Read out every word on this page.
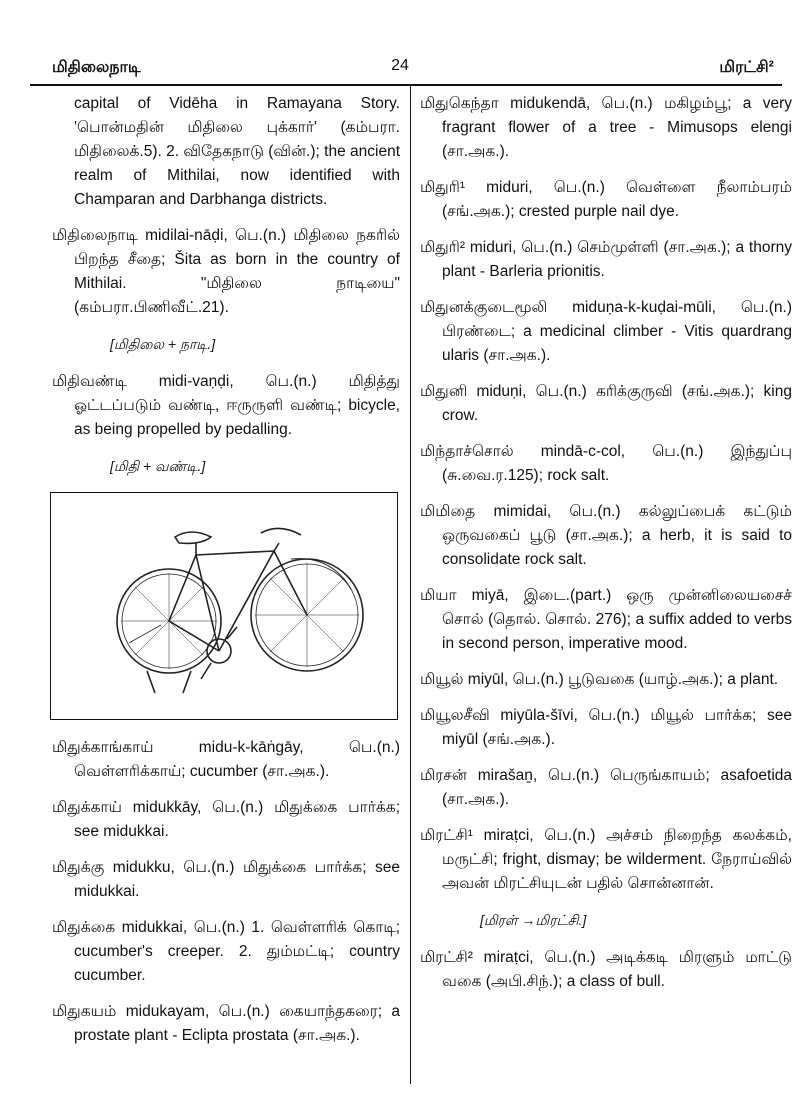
மிதிலைநாடி	24	மிரட்சி²

capital of Vidēha in Ramayana Story. 'பொன்மதின் மிதிலை புக்கார்' (கம்பரா. மிதிலைக்.5). 2. விதேகநாடு (வின்.); the ancient realm of Mithilai, now identified with Champaran and Darbhanga districts.

மிதிலைநாடி midilai-nāḍi, பெ.(n.) மிதிலை நகரில் பிறந்த சீதை; Šita as born in the country of Mithilai. "மிதிலை நாடியை" (கம்பரா.பிணிவீட்.21).

[மிதிலை + நாடி.]

மிதிவண்டி midi-vaṇḍi, பெ.(n.) மிதித்து ஓட்டப்படும் வண்டி, ஈருருளி வண்டி; bicycle, as being propelled by pedalling.

[மிதி + வண்டி.]

மிதுக்காங்காய் midu-k-kāṅgāy, பெ.(n.) வெள்ளரிக்காய்; cucumber (சா.அக.).

மிதுக்காய் midukkāy, பெ.(n.) மிதுக்கை பார்க்க; see midukkai.

மிதுக்கு midukku, பெ.(n.) மிதுக்கை பார்க்க; see midukkai.

மிதுக்கை midukkai, பெ.(n.) 1. வெள்ளரிக் கொடி; cucumber's creeper. 2. தும்மட்டி; country cucumber.

மிதுகயம் midukayam, பெ.(n.) கையாந்தகரை; a prostate plant - Eclipta prostata (சா.அக.).

மிதுகெந்தா midukendā, பெ.(n.) மகிழம்பூ; a very fragrant flower of a tree - Mimusops elengi (சா.அக.).

மிதுரி¹ miduri, பெ.(n.) வெள்ளை நீலாம்பரம் (சங்.அக.); crested purple nail dye.

மிதுரி² miduri, பெ.(n.) செம்முள்ளி (சா.அக.); a thorny plant - Barleria prionitis.

மிதுனக்குடைமூலி miduṇa-k-kuḍai-mūli, பெ.(n.) பிரண்டை; a medicinal climber - Vitis quardrang ularis (சா.அக.).

மிதுனி miduṇi, பெ.(n.) கரிக்குருவி (சங்.அக.); king crow.

மிந்தாச்சொல் mindā-c-col, பெ.(n.) இந்துப்பு (சு.வை.ர.125); rock salt.

மிமிதை mimidai, பெ.(n.) கல்லுப்பைக் கட்டும் ஒருவகைப் பூடு (சா.அக.); a herb, it is said to consolidate rock salt.

மியா miyā, இடை.(part.) ஒரு முன்னிலையசைச் சொல் (தொல். சொல். 276); a suffix added to verbs in second person, imperative mood.

மியூல் miyūl, பெ.(n.) பூடுவகை (யாழ்.அக.); a plant.

மியூலசீவி miyūla-šīvi, பெ.(n.) மியூல் பார்க்க; see miyūl (சங்.அக.).

மிரசன் mirašaṉ, பெ.(n.) பெருங்காயம்; asafoetida (சா.அக.).

மிரட்சி¹ miraṭci, பெ.(n.) அச்சம் நிறைந்த கலக்கம், மருட்சி; fright, dismay; be wilderment. நேராய்வில் அவன் மிரட்சியுடன் பதில் சொன்னான்.

[மிரள் →மிரட்சி.]

மிரட்சி² miraṭci, பெ.(n.) அடிக்கடி மிரளும் மாட்டு வகை (அபி.சிந்.); a class of bull.
